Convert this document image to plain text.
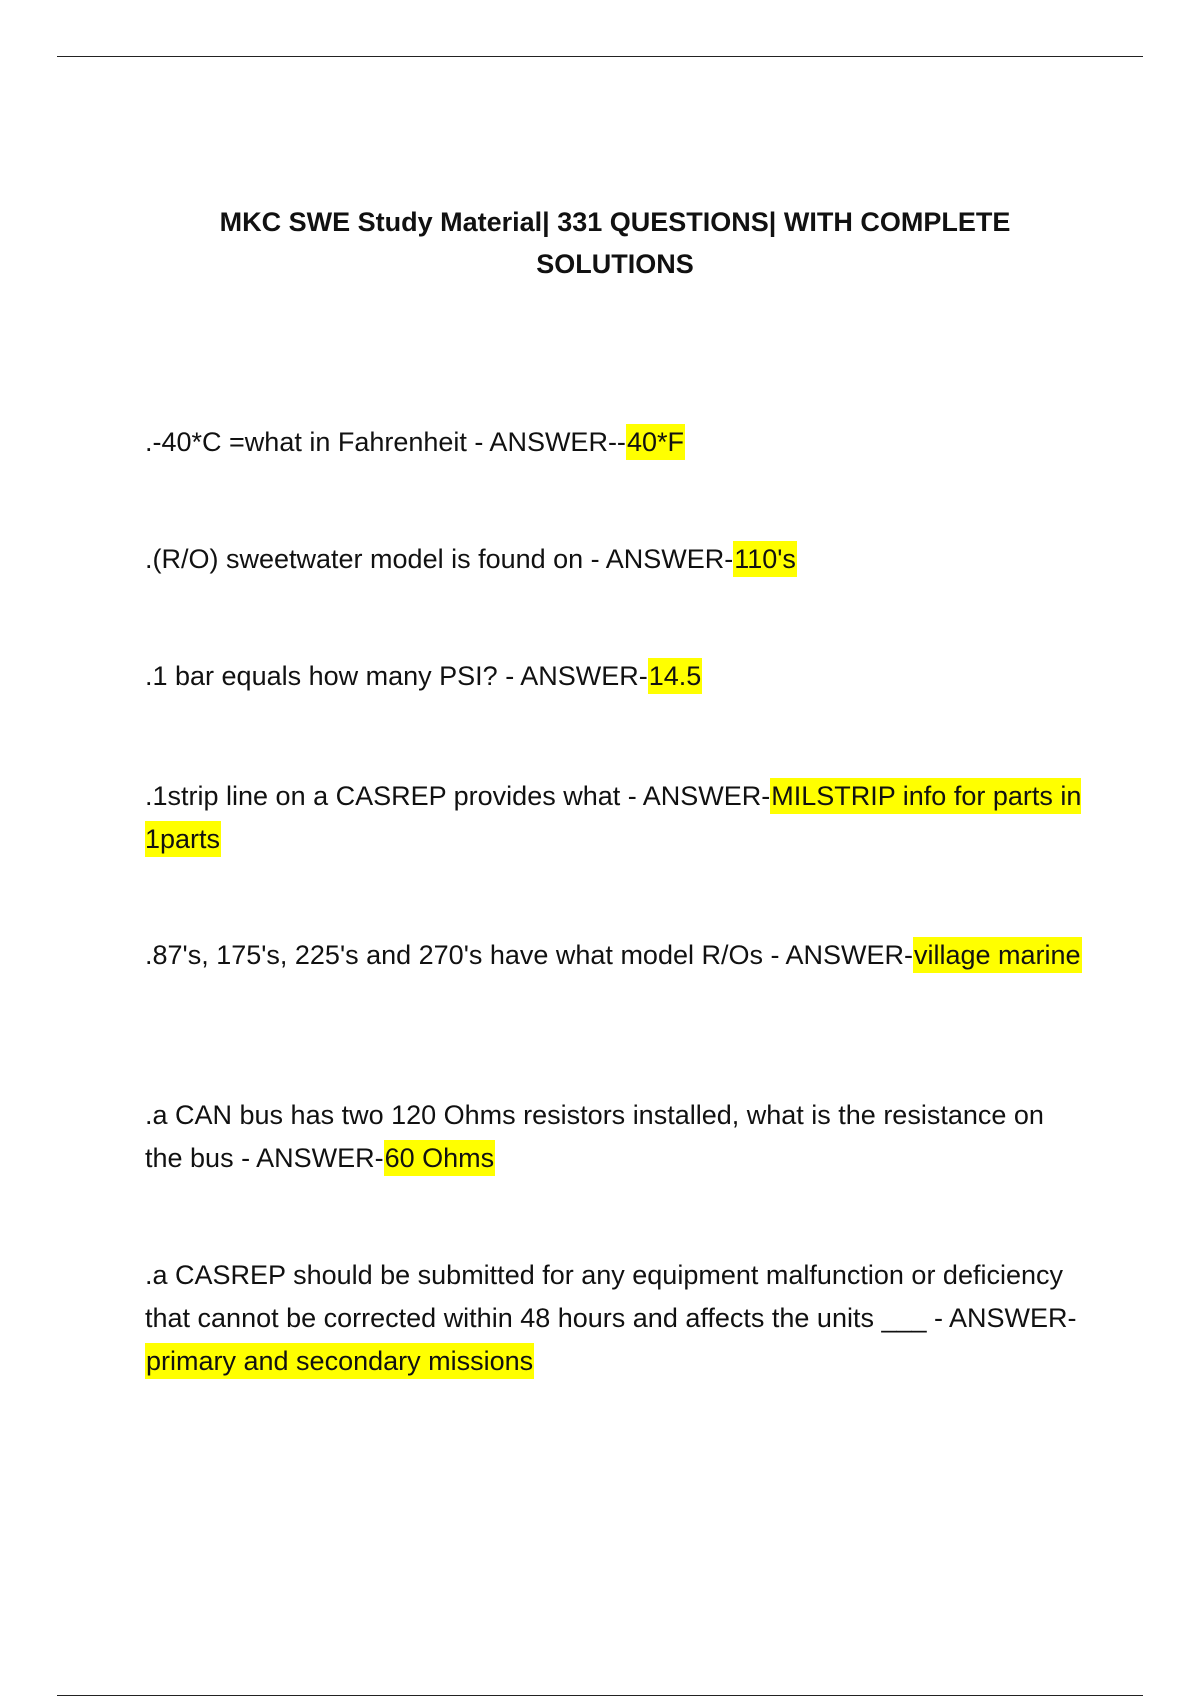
MKC SWE Study Material| 331 QUESTIONS| WITH COMPLETE SOLUTIONS

.-40*C =what in Fahrenheit - ANSWER--40*F

.(R/O) sweetwater model is found on - ANSWER-110's

.1 bar equals how many PSI? - ANSWER-14.5

.1strip line on a CASREP provides what - ANSWER-MILSTRIP info for parts in 1parts

.87's, 175's, 225's and 270's have what model R/Os - ANSWER-village marine

.a CAN bus has two 120 Ohms resistors installed, what is the resistance on the bus - ANSWER-60 Ohms

.a CASREP should be submitted for any equipment malfunction or deficiency that cannot be corrected within 48 hours and affects the units ___ - ANSWER-primary and secondary missions
